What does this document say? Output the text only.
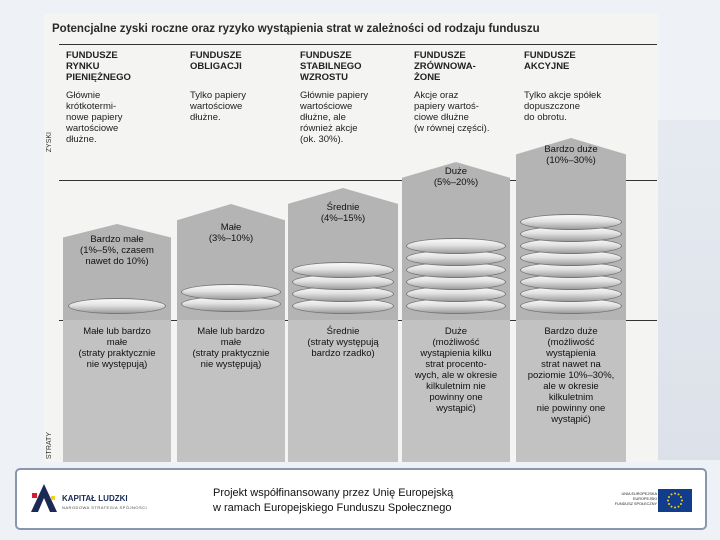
Potencjalne zyski roczne oraz ryzyko wystąpienia strat w zależności od rodzaju funduszu
ZYSKI
STRATY
FUNDUSZE
RYNKU
PIENIĘŻNEGO
Głównie
krótkotermi-
nowe papiery
wartościowe
dłużne.
Bardzo małe
(1%–5%, czasem
nawet do 10%)
Małe lub bardzo
małe
(straty praktycznie
nie występują)
FUNDUSZE
OBLIGACJI
Tylko papiery
wartościowe
dłużne.
Małe
(3%–10%)
Małe lub bardzo
małe
(straty praktycznie
nie występują)
FUNDUSZE
STABILNEGO
WZROSTU
Głównie papiery
wartościowe
dłużne, ale
również akcje
(ok. 30%).
Średnie
(4%–15%)
Średnie
(straty występują
bardzo rzadko)
FUNDUSZE
ZRÓWNOWA-
ŻONE
Akcje oraz
papiery wartoś-
ciowe dłużne
(w równej części).
Duże
(5%–20%)
Duże
(możliwość
wystąpienia kilku
strat procento-
wych, ale w okresie
kilkuletnim nie
powinny one
wystąpić)
FUNDUSZE
AKCYJNE
Tylko akcje spółek
dopuszczone
do obrotu.
Bardzo duże
(10%–30%)
Bardzo duże
(możliwość
wystąpienia
strat nawet na
poziomie 10%–30%,
ale w okresie
kilkuletnim
nie powinny one
wystąpić)
KAPITAŁ LUDZKI
NARODOWA STRATEGIA SPÓJNOŚCI
Projekt współfinansowany przez Unię Europejską
w ramach Europejskiego Funduszu Społecznego
UNIA EUROPEJSKA
EUROPEJSKI
FUNDUSZ SPOŁECZNY
